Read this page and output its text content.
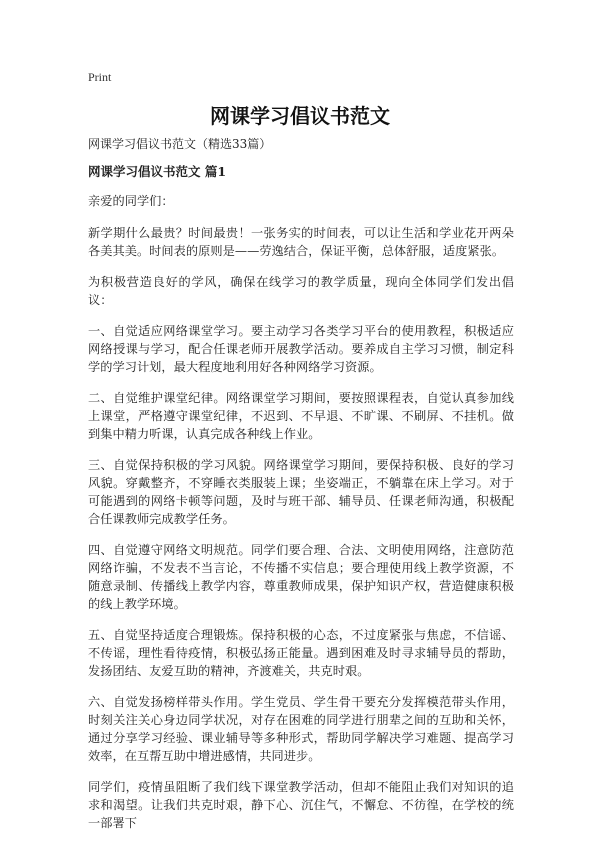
Print
网课学习倡议书范文
网课学习倡议书范文（精选33篇）
网课学习倡议书范文 篇1

亲爱的同学们：

新学期什么最贵？时间最贵！一张务实的时间表，可以让生活和学业花开两朵各美其美。时间表的原则是——劳逸结合，保证平衡，总体舒服，适度紧张。

为积极营造良好的学风，确保在线学习的教学质量，现向全体同学们发出倡议：

一、自觉适应网络课堂学习。要主动学习各类学习平台的使用教程，积极适应网络授课与学习，配合任课老师开展教学活动。要养成自主学习习惯，制定科学的学习计划，最大程度地利用好各种网络学习资源。

二、自觉维护课堂纪律。网络课堂学习期间，要按照课程表，自觉认真参加线上课堂，严格遵守课堂纪律，不迟到、不早退、不旷课、不刷屏、不挂机。做到集中精力听课，认真完成各种线上作业。

三、自觉保持积极的学习风貌。网络课堂学习期间，要保持积极、良好的学习风貌。穿戴整齐，不穿睡衣类服装上课；坐姿端正，不躺靠在床上学习。对于可能遇到的网络卡顿等问题，及时与班干部、辅导员、任课老师沟通，积极配合任课教师完成教学任务。

四、自觉遵守网络文明规范。同学们要合理、合法、文明使用网络，注意防范网络诈骗，不发表不当言论，不传播不实信息；要合理使用线上教学资源，不随意录制、传播线上教学内容，尊重教师成果，保护知识产权，营造健康积极的线上教学环境。

五、自觉坚持适度合理锻炼。保持积极的心态，不过度紧张与焦虑，不信谣、不传谣，理性看待疫情，积极弘扬正能量。遇到困难及时寻求辅导员的帮助，发扬团结、友爱互助的精神，齐渡难关，共克时艰。

六、自觉发扬榜样带头作用。学生党员、学生骨干要充分发挥模范带头作用，时刻关注关心身边同学状况，对存在困难的同学进行朋辈之间的互助和关怀，通过分享学习经验、课业辅导等多种形式，帮助同学解决学习难题、提高学习效率，在互帮互助中增进感情，共同进步。

同学们，疫情虽阻断了我们线下课堂教学活动，但却不能阻止我们对知识的追求和渴望。让我们共克时艰，静下心、沉住气，不懈怠、不彷徨，在学校的统一部署下
